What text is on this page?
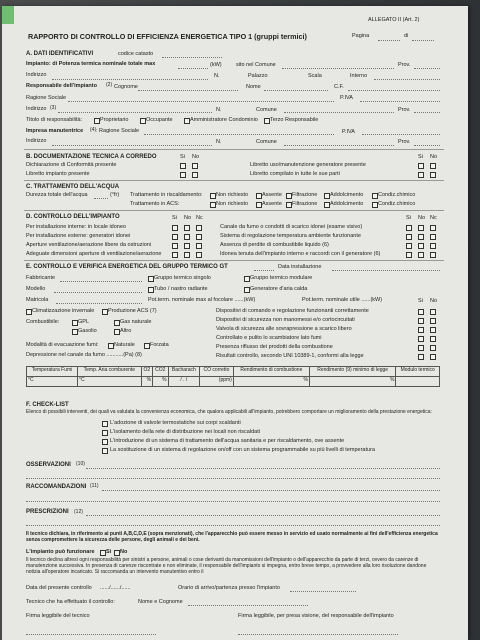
ALLEGATO II (Art. 2)
RAPPORTO DI CONTROLLO DI EFFICIENZA ENERGETICA TIPO 1 (gruppi termici)	Pagina	di
A. DATI IDENTIFICATIVI	codice catasto
Impianto: di Potenza termica nominale totale max	(kW)	sito nel Comune	Prov.
Indirizzo	N.	Palazzo	Scala	Interno
Responsabile dell'impianto (2) Cognome	Nome	C.F.
Ragione Sociale	P.IVA
Indirizzo (3)	N.	Comune	Prov.
Titolo di responsabilità:	Proprietario	Occupante	Amministratore Condominio Terzo Responsabile
Impresa manutentrice (4) : Ragione Sociale	P.IVA
Indirizzo	N.	Comune	Prov.
B. DOCUMENTAZIONE TECNICA A CORREDO	Si No	Si No
Dichiarazione di Conformità presente	Libretto uso/manutenzione generatore presente
Libretto impianto presente	Libretto compilato in tutte le sue parti
C. TRATTAMENTO DELL'ACQUA
Durezza totale dell'acqua	(°fr) Trattamento in riscaldamento:
Trattamento in ACS:
Non richiesto	Assente Filtrazione Addolcimento	Condiz.chimico
Non richiesto	Assente Filtrazione Addolcimento	Condiz.chimico
D. CONTROLLO DELL'IMPIANTO	Si No Nc	Si No Nc
Per installazione interne: in locale idoneo
Per installazione esterne: generatori idonei
Aperture ventilazione/aerazione libere da ostruzioni
Adeguate dimensioni aperture di ventilazione/aerazione
Canale da fumo o condotti di scarico idonei (esame visivo)
Sistema di regolazione temperatura ambiente funzionante
Assenza di perdite di combustibile liquido (6)
Idonea tenuta dell'impianto interno e raccordi con il generatore (6)
E. CONTROLLO E VERIFICA ENERGETICA DEL GRUPPO TERMICO GT	Data installazione
Fabbricante	Gruppo termico singolo	Gruppo termico modulare
Modello	Tubo / nastro radiante	Generatore d'aria calda
Matricola	Pot.term. nominale max al focolare ......(kW)	Pot.term. nominale utile ......(kW)	Si No
Climatizzazione invernale Produzione ACS (7)
Combustibile:	GPL	Gas naturale
Gasolio	Altro
Modalità di evacuazione fumi:	Naturale	Forzata
Depressione nel canale da fumo ...........(Pa) (8)
Dispositivi di comando e regolazione funzionanti correttamente
Dispositivi di sicurezza non manomessi e/o cortocircuitati
Valvola di sicurezza alle sovrapressione a scarico libero
Controllato e pulito lo scambiatore lato fumi
Presenza riflusso dei prodotti della combustione
Risultati controllo, secondo UNI 10389-1, conformi alla legge
Temperatura Fumi	Temp. Aria comburente	O2	CO2	Bacharach	CO corretto	Rendimento di combustione	Rendimento (9) minimo di legge	Modulo termico
°C	°C	%	%	/ . /	(ppm)	%	%	
F. CHECK-LIST
Elenco di possibili interventi, dei quali va valutata la convenienza economica, che qualora applicabili all'impianto, potrebbero comportare un miglioramento della prestazione energetica:
L'adozione di valvole termostatiche sui corpi scaldanti
L'isolamento della rete di distribuzione nei locali non riscaldati
L'introduzione di un sistema di trattamento dell'acqua sanitaria e per riscaldamento, ove assente
La sostituzione di un sistema di regolazione on/off con un sistema programmabile su più livelli di temperatura
OSSERVAZIONI (10)
RACCOMANDAZIONI (11)
PRESCRIZIONI (12)
Il tecnico dichiara, in riferimento ai punti A,B,C,D,E (sopra menzionati), che l'apparecchio può essere messo in servizio ed usato normalmente ai fini dell'efficienza energetica senza compromettere la sicurezza delle persone, degli animali e dei beni.
L'impianto può funzionare Si No
Il tecnico declina altresì ogni responsabilità per sinistri a persone, animali o cose derivanti da manomissioni dell'impianto o dell'apparecchio da parte di terzi, ovvero da carenze di manutenzione successiva. In presenza di carenze riscontrate e non eliminate, il responsabile dell'impianto si impegna, entro breve tempo, a provvedere alla loro risoluzione dandone notizia all'operatore incaricato. Si raccomanda un intervento manutentivo entro il
Data del presente controllo ....../....../......	Orario di arrivo/partenza presso l'impianto
Tecnico che ha effettuato il controllo:	Nome e Cognome
Firma leggibile del tecnico	Firma leggibile, per presa visione, del responsabile dell'impianto
